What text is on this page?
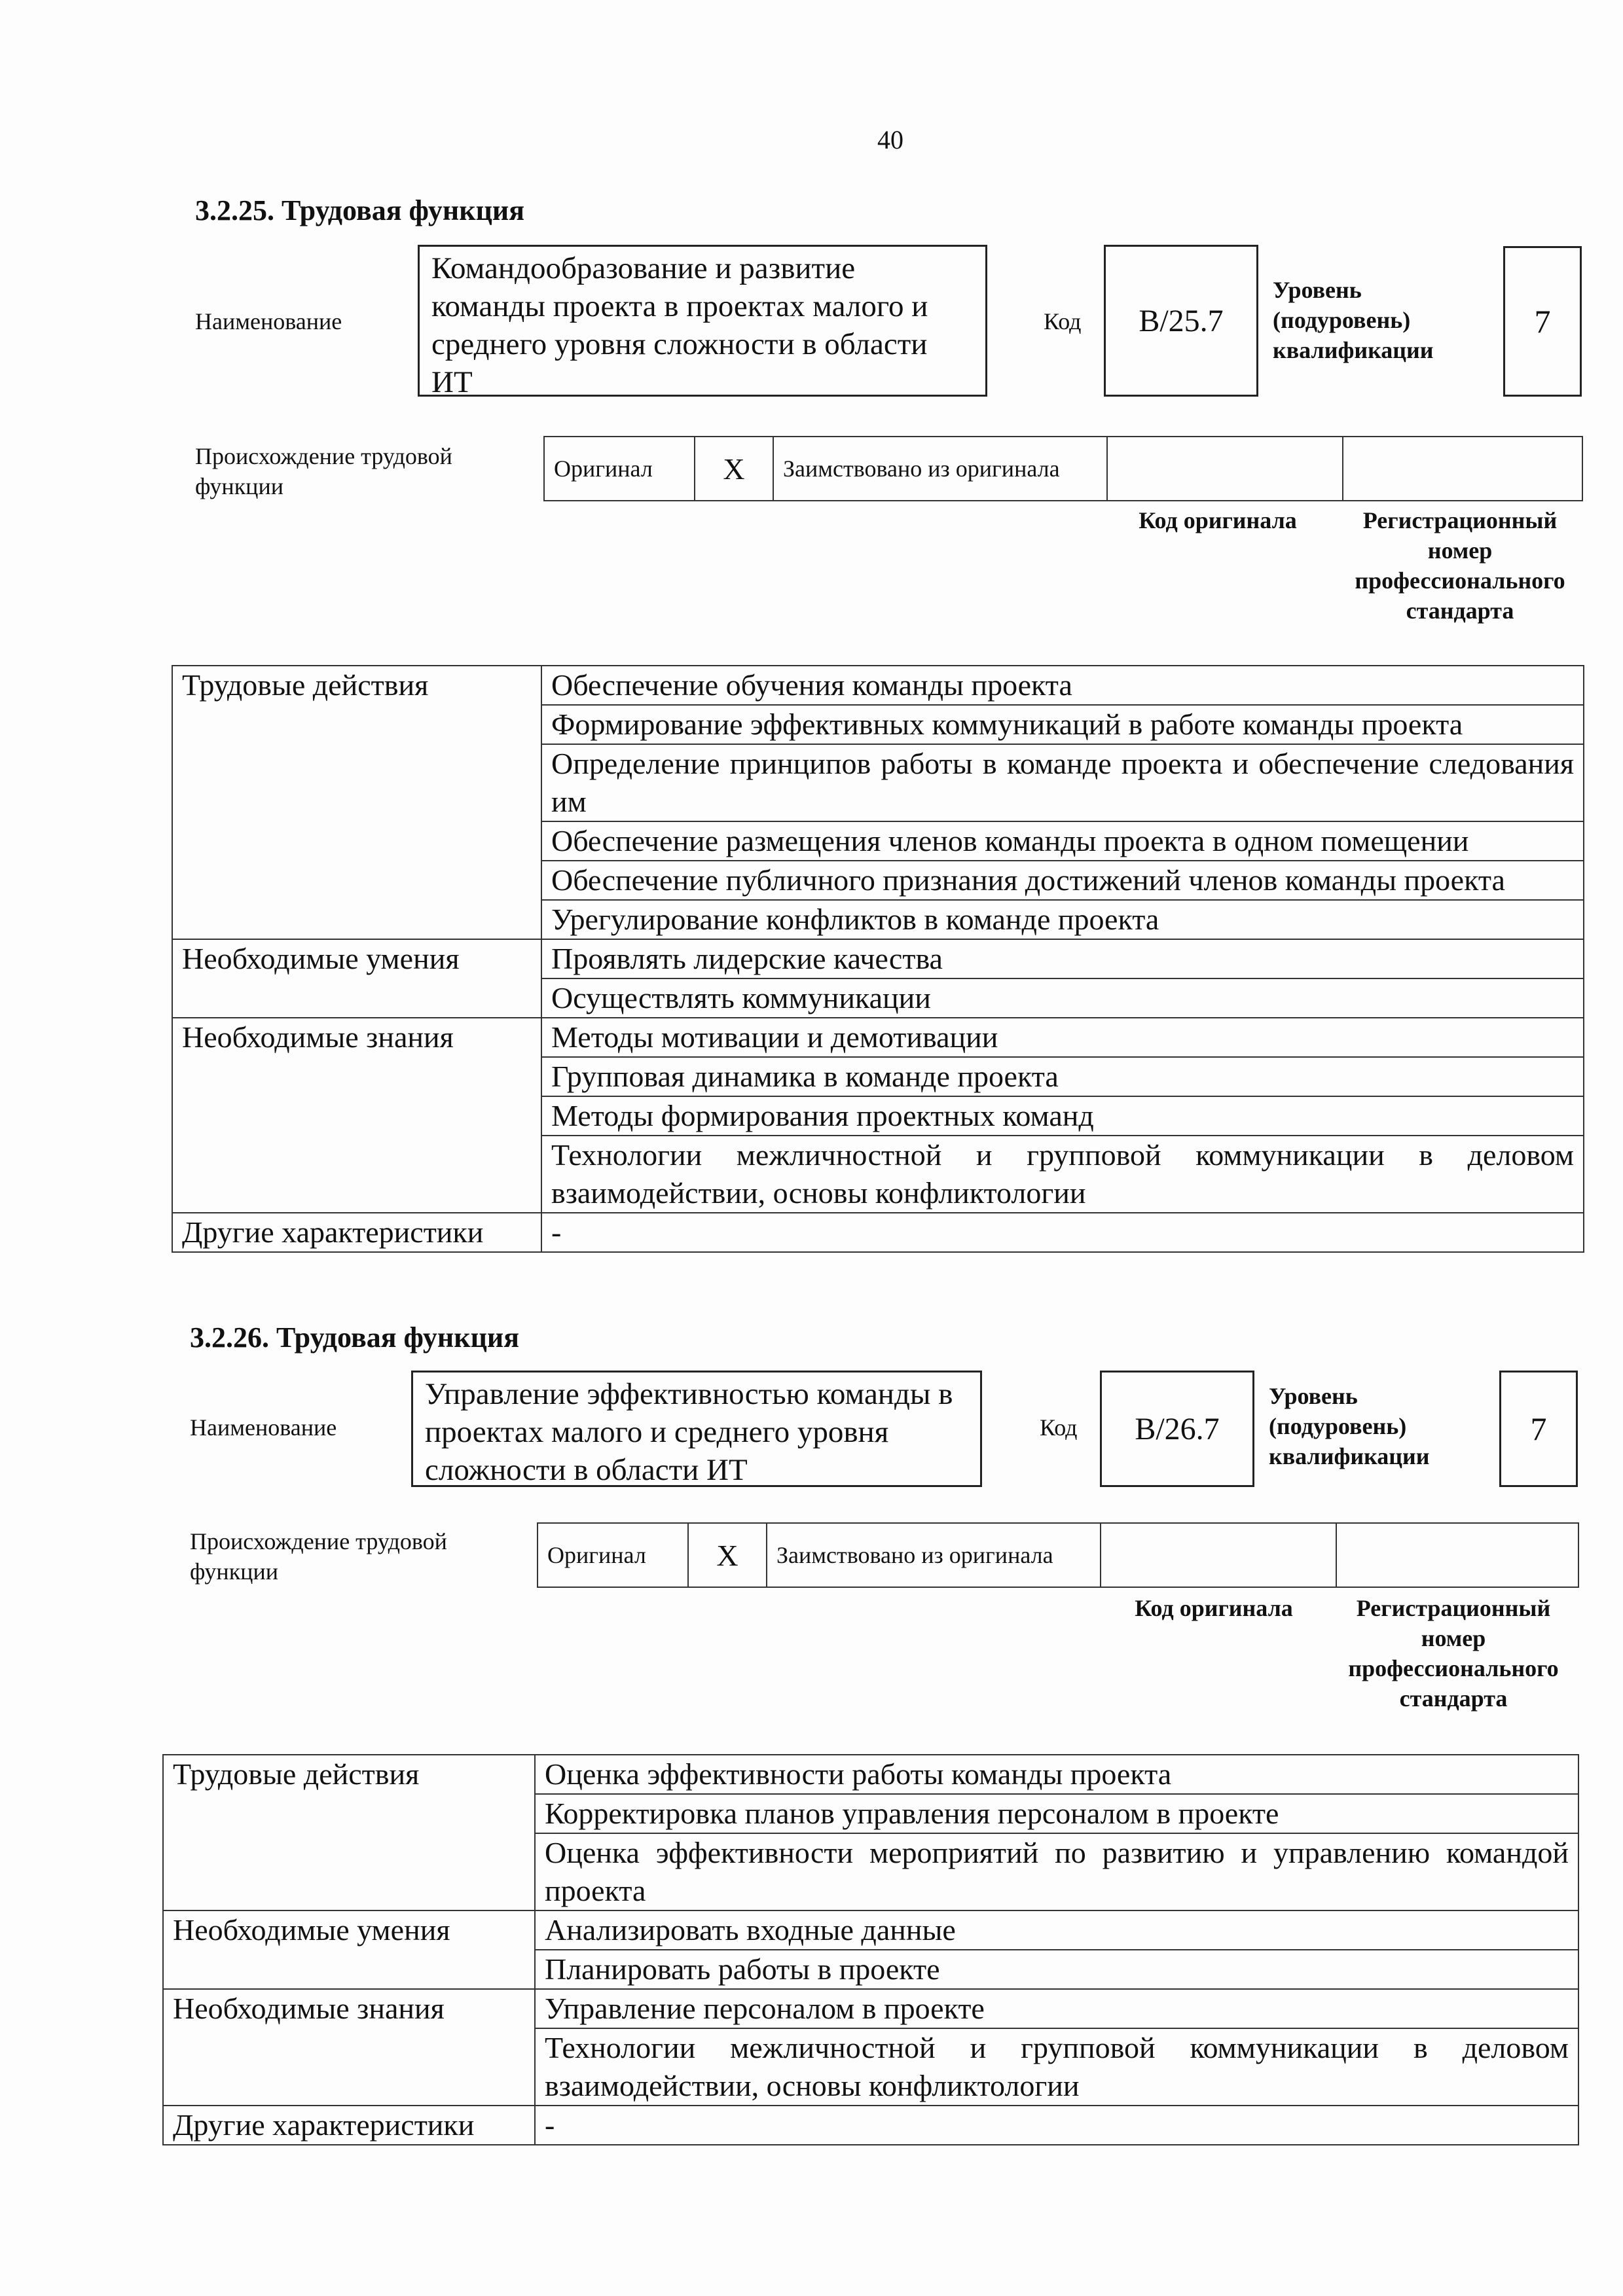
40
3.2.25. Трудовая функция
Наименование
Командообразование и развитие команды проекта в проектах малого и среднего уровня сложности в области ИТ
Код B/25.7
Уровень (подуровень) квалификации
7
Происхождение трудовой функции
Оригинал	X	Заимствовано из оригинала		
Код оригинала	Регистрационный номер профессионального стандарта
Трудовые действия	Обеспечение обучения команды проекта
	Формирование эффективных коммуникаций в работе команды проекта
	Определение принципов работы в команде проекта и обеспечение следования им
	Обеспечение размещения членов команды проекта в одном помещении
	Обеспечение публичного признания достижений членов команды проекта
	Урегулирование конфликтов в команде проекта
Необходимые умения	Проявлять лидерские качества
	Осуществлять коммуникации
Необходимые знания	Методы мотивации и демотивации
	Групповая динамика в команде проекта
	Методы формирования проектных команд
	Технологии межличностной и групповой коммуникации в деловом взаимодействии, основы конфликтологии
Другие характеристики	-
3.2.26. Трудовая функция
Наименование
Управление эффективностью команды в проектах малого и среднего уровня сложности в области ИТ
Код B/26.7
Уровень (подуровень) квалификации
7
Происхождение трудовой функции
Оригинал	X	Заимствовано из оригинала		
Код оригинала	Регистрационный номер профессионального стандарта
Трудовые действия	Оценка эффективности работы команды проекта
	Корректировка планов управления персоналом в проекте
	Оценка эффективности мероприятий по развитию и управлению командой проекта
Необходимые умения	Анализировать входные данные
	Планировать работы в проекте
Необходимые знания	Управление персоналом в проекте
	Технологии межличностной и групповой коммуникации в деловом взаимодействии, основы конфликтологии
Другие характеристики	-
